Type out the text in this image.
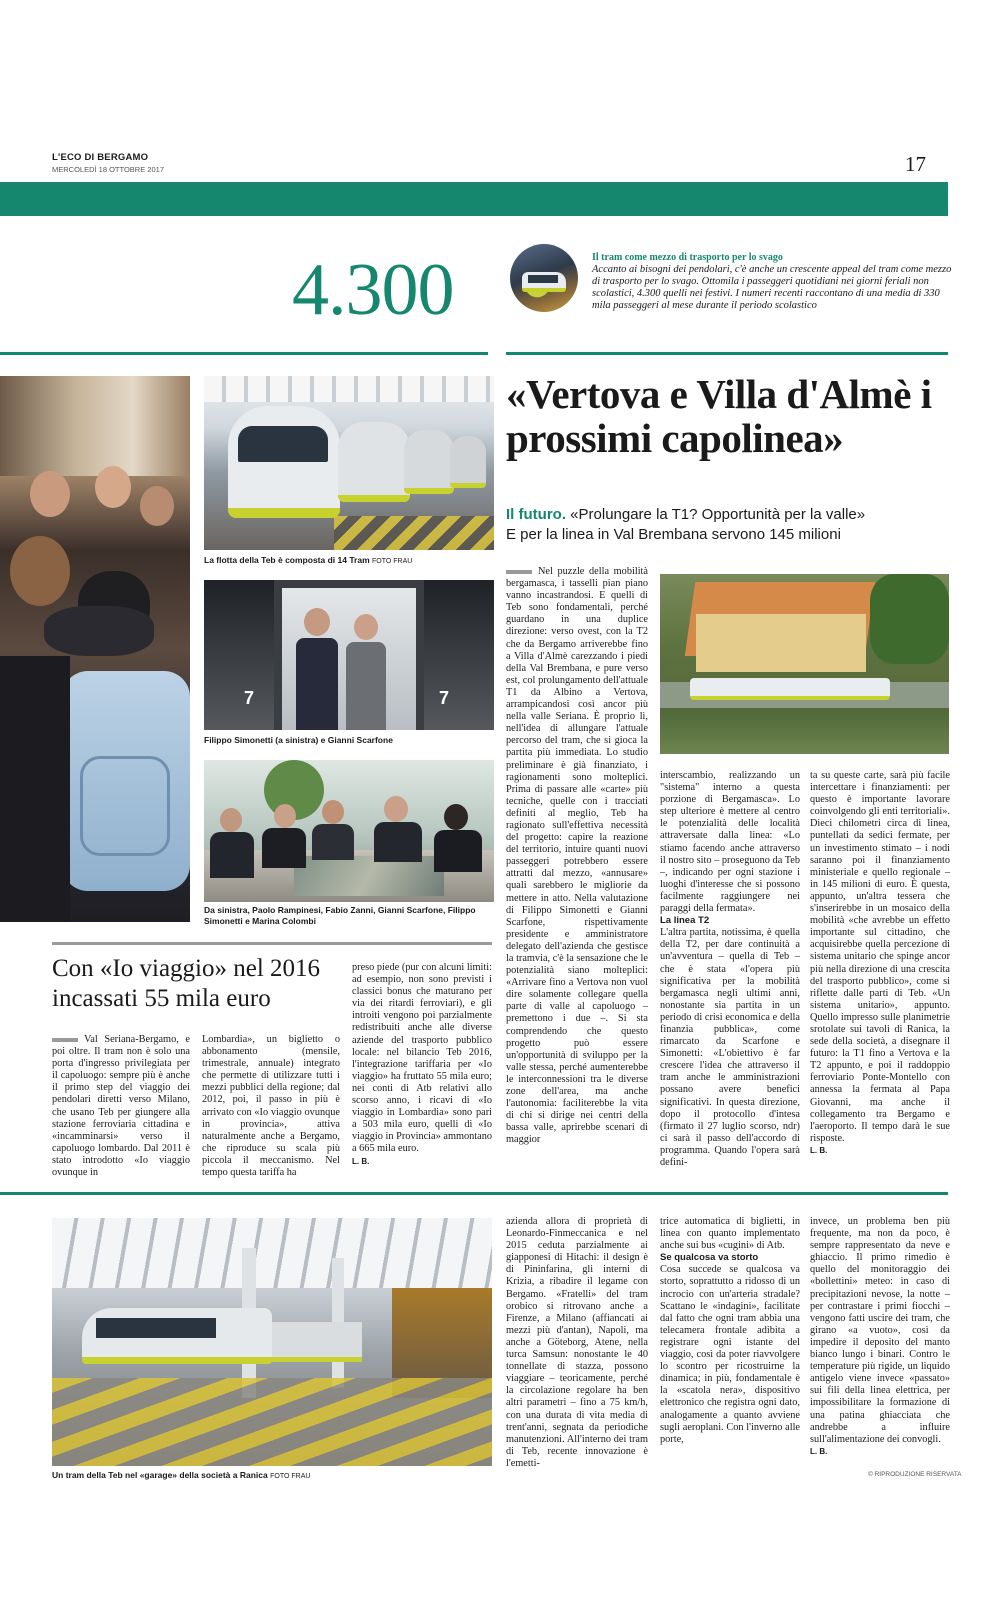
L'ECO DI BERGAMO
MERCOLEDÌ 18 OTTOBRE 2017	17
4.300	Il tram come mezzo di trasporto per lo svago
Accanto ai bisogni dei pendolari, c'è anche un crescente appeal del tram come mezzo di trasporto per lo svago. Ottomila i passeggeri quotidiani nei giorni feriali non scolastici, 4.300 quelli nei festivi. I numeri recenti raccontano di una media di 330 mila passeggeri al mese durante il periodo scolastico
La flotta della Teb è composta di 14 Tram FOTO FRAU
7	7
Filippo Simonetti (a sinistra) e Gianni Scarfone
Da sinistra, Paolo Rampinesi, Fabio Zanni, Gianni Scarfone, Filippo Simonetti e Marina Colombi
«Vertova e Villa d'Almè i prossimi capolinea»
Il futuro. «Prolungare la T1? Opportunità per la valle»
E per la linea in Val Brembana servono 145 milioni

Nel puzzle della mobilità bergamasca, i tasselli pian piano vanno incastrandosi. E quelli di Teb sono fondamentali, perché guardano in una duplice direzione: verso ovest, con la T2 che da Bergamo arriverebbe fino a Villa d'Almè carezzando i piedi della Val Brembana, e pure verso est, col prolungamento dell'attuale T1 da Albino a Vertova, arrampicandosi così ancor più nella valle Seriana. È proprio lì, nell'idea di allungare l'attuale percorso del tram, che si gioca la partita più immediata. Lo studio preliminare è già finanziato, i ragionamenti sono molteplici. Prima di passare alle «carte» più tecniche, quelle con i tracciati definiti al meglio, Teb ha ragionato sull'effettiva necessità del progetto: capire la reazione del territorio, intuire quanti nuovi passeggeri potrebbero essere attratti dal mezzo, «annusare» quali sarebbero le migliorie da mettere in atto. Nella valutazione di Filippo Simonetti e Gianni Scarfone, rispettivamente presidente e amministratore delegato dell'azienda che gestisce la tramvia, c'è la sensazione che le potenzialità siano molteplici: «Arrivare fino a Vertova non vuol dire solamente collegare quella parte di valle al capoluogo – premettono i due –. Si sta comprendendo che questo progetto può essere un'opportunità di sviluppo per la valle stessa, perché aumenterebbe le interconnessioni tra le diverse zone dell'area, ma anche l'autonomia: faciliterebbe la vita di chi si dirige nei centri della bassa valle, aprirebbe scenari di maggior

interscambio, realizzando un "sistema" interno a questa porzione di Bergamasca». Lo step ulteriore è mettere al centro le potenzialità delle località attraversate dalla linea: «Lo stiamo facendo anche attraverso il nostro sito – proseguono da Teb –, indicando per ogni stazione i luoghi d'interesse che si possono facilmente raggiungere nei paraggi della fermata».

La linea T2

L'altra partita, notissima, è quella della T2, per dare continuità a un'avventura – quella di Teb – che è stata «l'opera più significativa per la mobilità bergamasca negli ultimi anni, nonostante sia partita in un periodo di crisi economica e della finanzia pubblica», come rimarcato da Scarfone e Simonetti: «L'obiettivo è far crescere l'idea che attraverso il tram anche le amministrazioni possano avere benefici significativi. In questa direzione, dopo il protocollo d'intesa (firmato il 27 luglio scorso, ndr) ci sarà il passo dell'accordo di programma. Quando l'opera sarà defini-

ta su queste carte, sarà più facile intercettare i finanziamenti: per questo è importante lavorare coinvolgendo gli enti territoriali». Dieci chilometri circa di linea, puntellati da sedici fermate, per un investimento stimato – i nodi saranno poi il finanziamento ministeriale e quello regionale – in 145 milioni di euro. È questa, appunto, un'altra tessera che s'inserirebbe in un mosaico della mobilità «che avrebbe un effetto importante sul cittadino, che acquisirebbe quella percezione di sistema unitario che spinge ancor più nella direzione di una crescita del trasporto pubblico», come si riflette dalle parti di Teb. «Un sistema unitario», appunto. Quello impresso sulle planimetrie srotolate sui tavoli di Ranica, la sede della società, a disegnare il futuro: la T1 fino a Vertova e la T2 appunto, e poi il raddoppio ferroviario Ponte-Montello con annessa la fermata al Papa Giovanni, ma anche il collegamento tra Bergamo e l'aeroporto. Il tempo darà le sue risposte.

L. B.

Con «Io viaggio» nel 2016 incassati 55 mila euro

Val Seriana-Bergamo, e poi oltre. Il tram non è solo una porta d'ingresso privilegiata per il capoluogo: sempre più è anche il primo step del viaggio dei pendolari diretti verso Milano, che usano Teb per giungere alla stazione ferroviaria cittadina e «incamminarsi» verso il capoluogo lombardo. Dal 2011 è stato introdotto «Io viaggio ovunque in

Lombardia», un biglietto o abbonamento (mensile, trimestrale, annuale) integrato che permette di utilizzare tutti i mezzi pubblici della regione; dal 2012, poi, il passo in più è arrivato con «Io viaggio ovunque in provincia», attiva naturalmente anche a Bergamo, che riproduce su scala più piccola il meccanismo. Nel tempo questa tariffa ha

preso piede (pur con alcuni limiti: ad esempio, non sono previsti i classici bonus che maturano per via dei ritardi ferroviari), e gli introiti vengono poi parzialmente redistribuiti anche alle diverse aziende del trasporto pubblico locale: nel bilancio Teb 2016, l'integrazione tariffaria per «Io viaggio» ha fruttato 55 mila euro; nei conti di Atb relativi allo scorso anno, i ricavi di «Io viaggio in Lombardia» sono pari a 503 mila euro, quelli di «Io viaggio in Provincia» ammontano a 665 mila euro.

L. B.

Un tram della Teb nel «garage» della società a Ranica FOTO FRAU

azienda allora di proprietà di Leonardo-Finmeccanica e nel 2015 ceduta parzialmente ai giapponesi di Hitachi: il design è di Pininfarina, gli interni di Krizia, a ribadire il legame con Bergamo. «Fratelli» del tram orobico si ritrovano anche a Firenze, a Milano (affiancati ai mezzi più d'antan), Napoli, ma anche a Göteborg, Atene, nella turca Samsun: nonostante le 40 tonnellate di stazza, possono viaggiare – teoricamente, perché la circolazione regolare ha ben altri parametri – fino a 75 km/h, con una durata di vita media di trent'anni, segnata da periodiche manutenzioni. All'interno dei tram di Teb, recente innovazione è l'emetti-

trice automatica di biglietti, in linea con quanto implementato anche sui bus «cugini» di Atb.

Se qualcosa va storto

Cosa succede se qualcosa va storto, soprattutto a ridosso di un incrocio con un'arteria stradale? Scattano le «indagini», facilitate dal fatto che ogni tram abbia una telecamera frontale adibita a registrare ogni istante del viaggio, così da poter riavvolgere lo scontro per ricostruirne la dinamica; in più, fondamentale è la «scatola nera», dispositivo elettronico che registra ogni dato, analogamente a quanto avviene sugli aeroplani. Con l'inverno alle porte,

invece, un problema ben più frequente, ma non da poco, è sempre rappresentato da neve e ghiaccio. Il primo rimedio è quello del monitoraggio dei «bollettini» meteo: in caso di precipitazioni nevose, la notte – per contrastare i primi fiocchi – vengono fatti uscire dei tram, che girano «a vuoto», così da impedire il deposito del manto bianco lungo i binari. Contro le temperature più rigide, un liquido antigelo viene invece «passato» sui fili della linea elettrica, per impossibilitare la formazione di una patina ghiacciata che andrebbe a influire sull'alimentazione dei convogli.

L. B.

© RIPRODUZIONE RISERVATA
